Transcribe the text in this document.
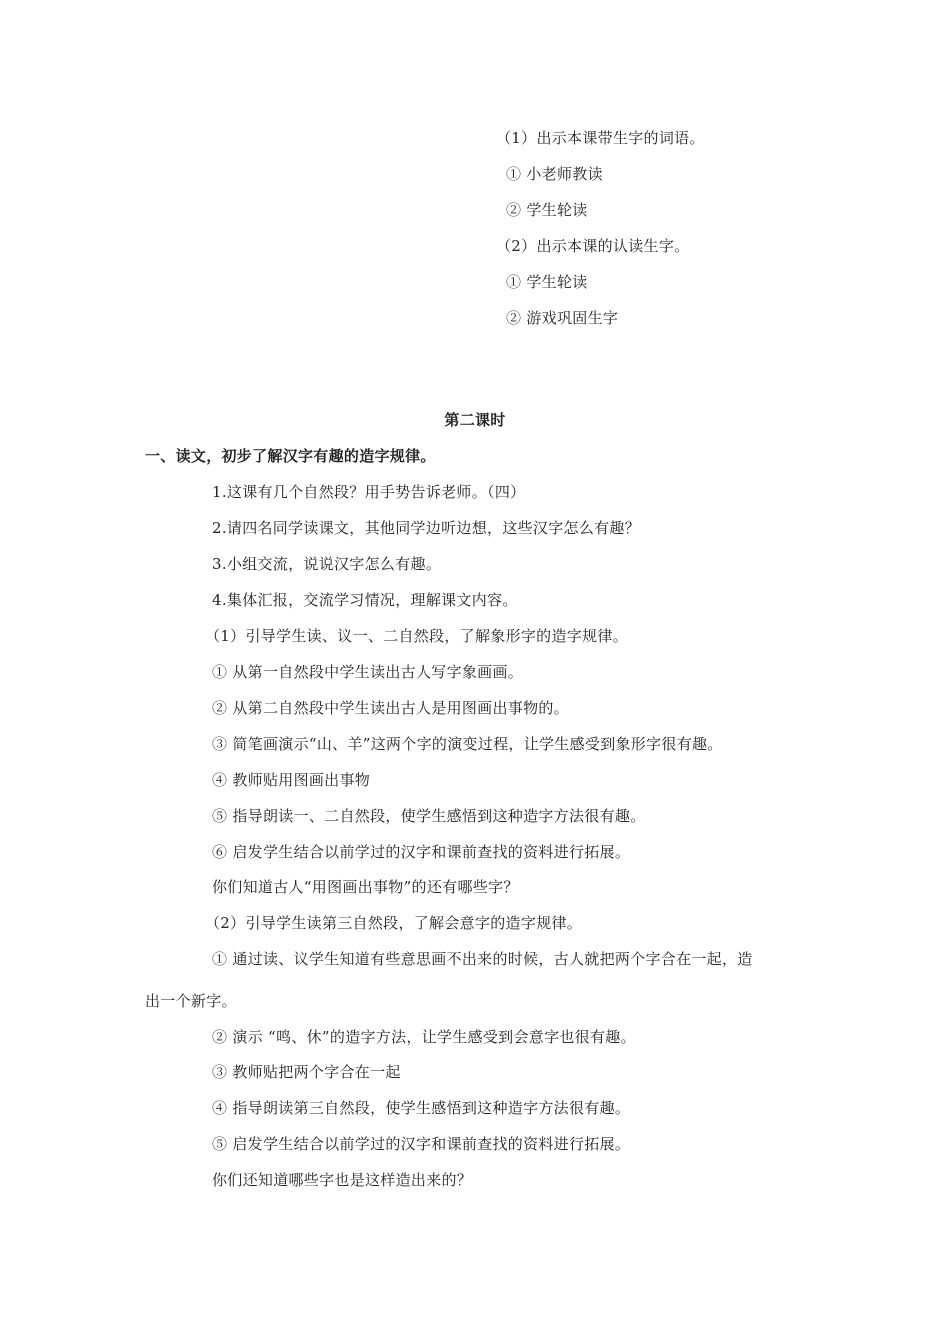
（1）出示本课带生字的词语。
① 小老师教读
② 学生轮读
（2）出示本课的认读生字。
① 学生轮读
② 游戏巩固生字
第二课时
一、读文，初步了解汉字有趣的造字规律。
1.这课有几个自然段？用手势告诉老师。（四）
2.请四名同学读课文，其他同学边听边想，这些汉字怎么有趣？
3.小组交流，说说汉字怎么有趣。
4.集体汇报，交流学习情况，理解课文内容。
（1）引导学生读、议一、二自然段，了解象形字的造字规律。
① 从第一自然段中学生读出古人写字象画画。
② 从第二自然段中学生读出古人是用图画出事物的。
③ 简笔画演示“山、羊”这两个字的演变过程，让学生感受到象形字很有趣。
④ 教师贴用图画出事物
⑤ 指导朗读一、二自然段，使学生感悟到这种造字方法很有趣。
⑥ 启发学生结合以前学过的汉字和课前查找的资料进行拓展。
你们知道古人“用图画出事物”的还有哪些字？
（2）引导学生读第三自然段，了解会意字的造字规律。
① 通过读、议学生知道有些意思画不出来的时候，古人就把两个字合在一起，造
出一个新字。
② 演示 “鸣、休”的造字方法，让学生感受到会意字也很有趣。
③ 教师贴把两个字合在一起
④ 指导朗读第三自然段，使学生感悟到这种造字方法很有趣。
⑤ 启发学生结合以前学过的汉字和课前查找的资料进行拓展。
你们还知道哪些字也是这样造出来的？
